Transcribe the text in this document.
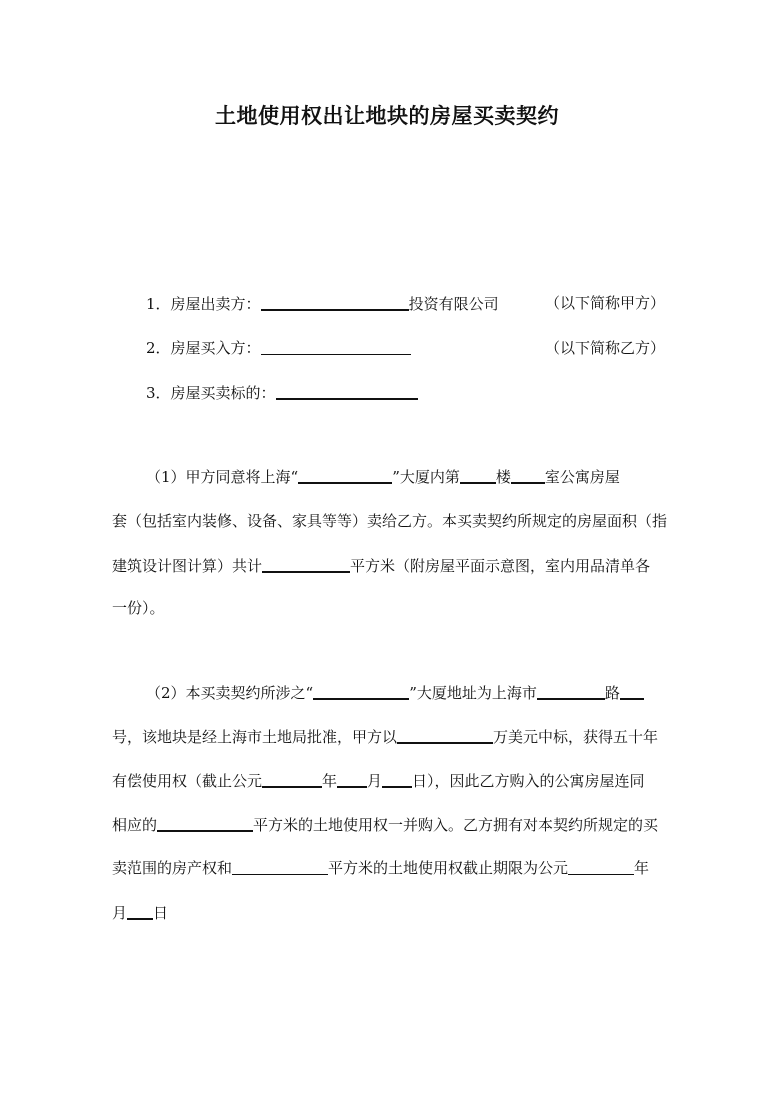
土地使用权出让地块的房屋买卖契约
1．房屋出卖方：	投资有限公司	（以下简称甲方）
2．房屋买入方：	（以下简称乙方）
3．房屋买卖标的：
（1）甲方同意将上海“	”大厦内第 楼 室公寓房屋
套（包括室内装修、设备、家具等等）卖给乙方。本买卖契约所规定的房屋面积（指
建筑设计图计算）共计	平方米（附房屋平面示意图，室内用品清单各
一份）。
（2）本买卖契约所涉之“	”大厦地址为上海市	路
号，该地块是经上海市土地局批准，甲方以	万美元中标，获得五十年
有偿使用权（截止公元	年 月 日），因此乙方购入的公寓房屋连同
相应的	平方米的土地使用权一并购入。乙方拥有对本契约所规定的买
卖范围的房产权和	平方米的土地使用权截止期限为公元	年
月 日
